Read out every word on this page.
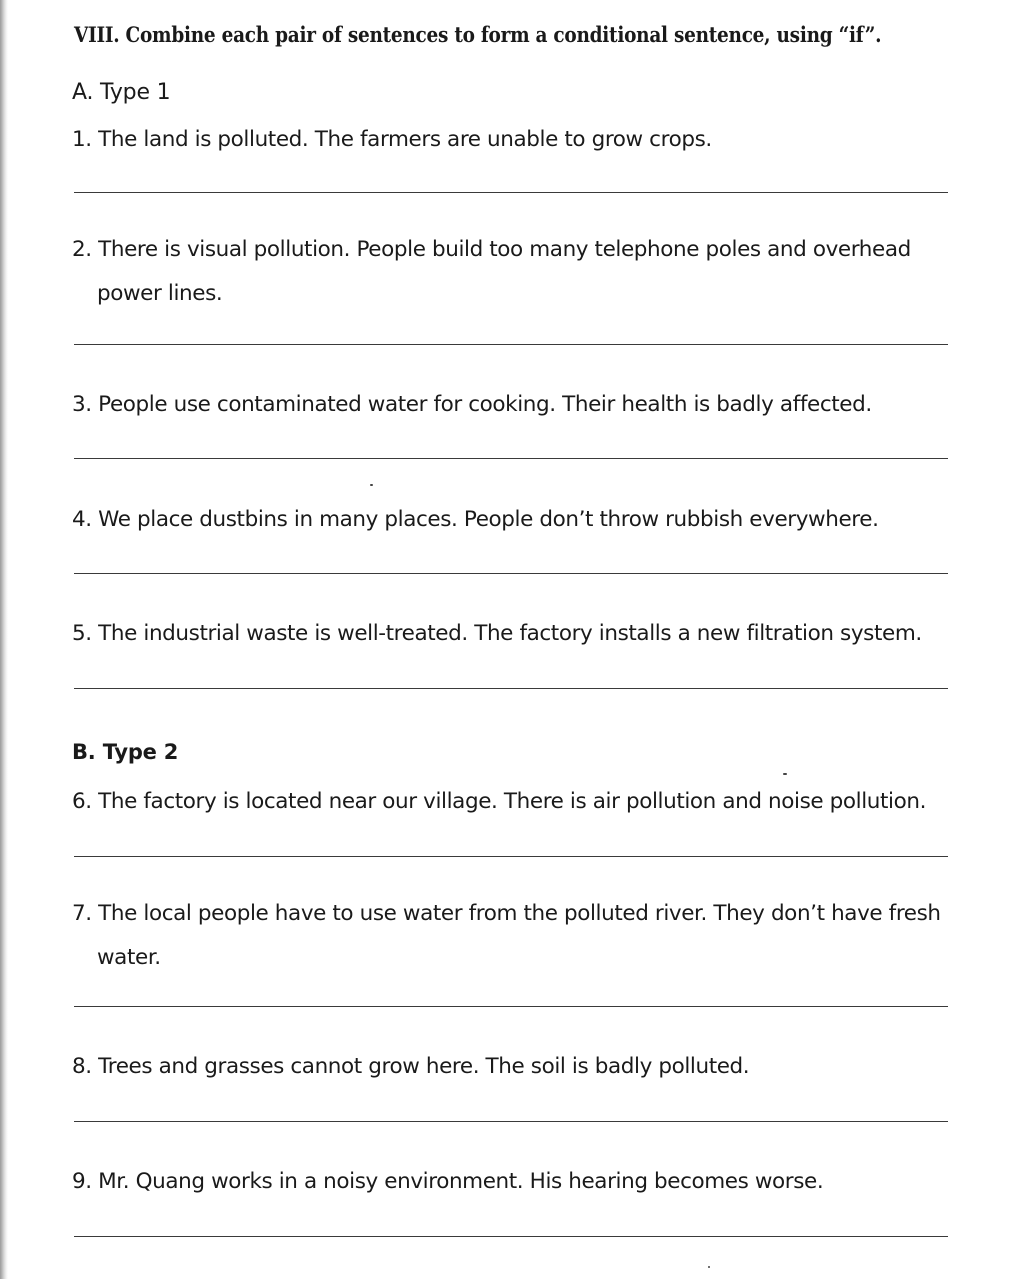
VIII. Combine each pair of sentences to form a conditional sentence, using “if”.
A. Type 1
1. The land is polluted. The farmers are unable to grow crops.
2. There is visual pollution. People build too many telephone poles and overhead
power lines.
3. People use contaminated water for cooking. Their health is badly affected.
4. We place dustbins in many places. People don’t throw rubbish everywhere.
5. The industrial waste is well-treated. The factory installs a new filtration system.
B. Type 2
6. The factory is located near our village. There is air pollution and noise pollution.
7. The local people have to use water from the polluted river. They don’t have fresh
water.
8. Trees and grasses cannot grow here. The soil is badly polluted.
9. Mr. Quang works in a noisy environment. His hearing becomes worse.
